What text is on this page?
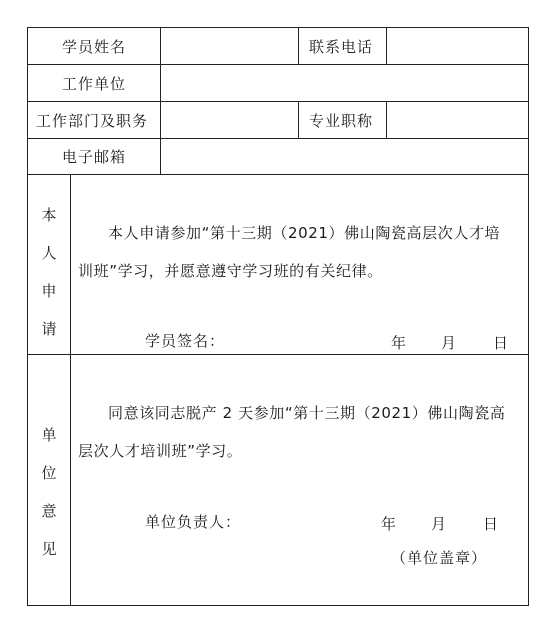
学员姓名	联系电话
工作单位
工作部门及职务	专业职称
电子邮箱
本
人
申
请
本人申请参加“第十三期（2021）佛山陶瓷高层次人才培
训班”学习，并愿意遵守学习班的有关纪律。
学员签名：	年 月 日
单
位
意
见
同意该同志脱产 2 天参加“第十三期（2021）佛山陶瓷高
层次人才培训班”学习。
单位负责人：	年 月 日
（单位盖章）
